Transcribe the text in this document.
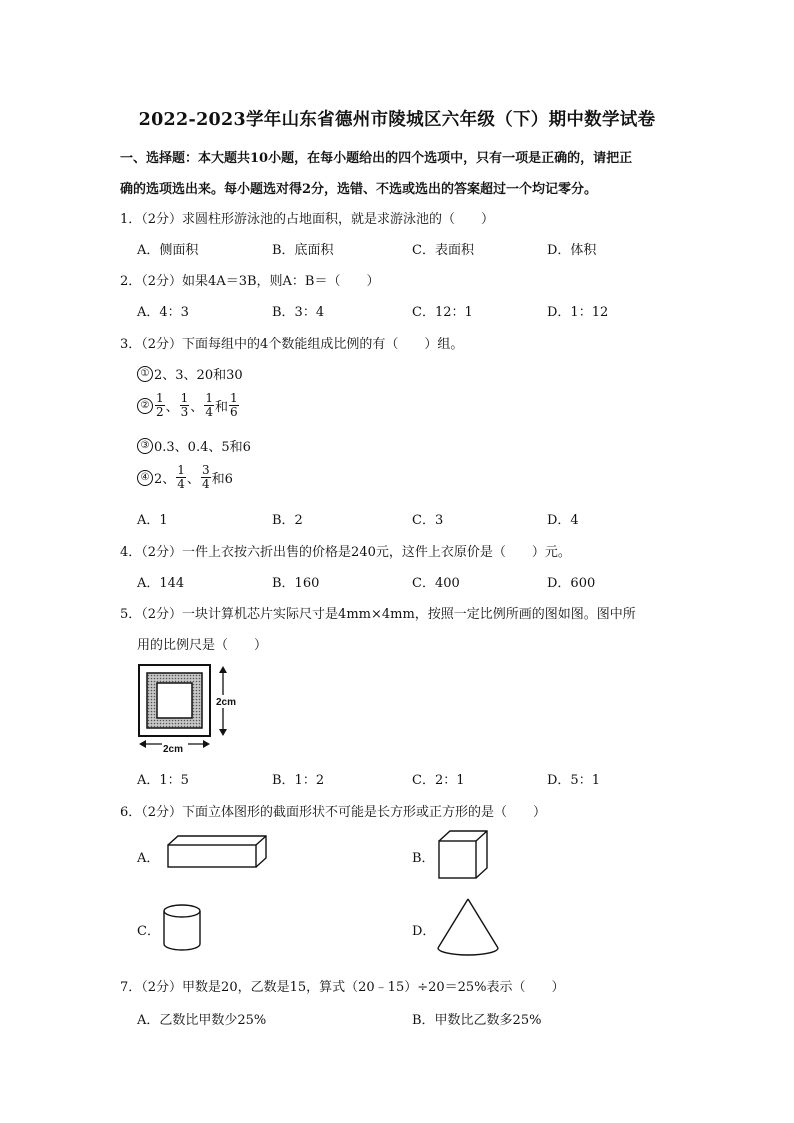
2022-2023学年山东省德州市陵城区六年级（下）期中数学试卷
一、选择题：本大题共10小题，在每小题给出的四个选项中，只有一项是正确的，请把正
确的选项选出来。每小题选对得2分，选错、不选或选出的答案超过一个均记零分。
1．（2分）求圆柱形游泳池的占地面积，就是求游泳池的（　　）
A．侧面积	B．底面积	C．表面积	D．体积
2．（2分）如果4A＝3B，则A：B＝（　　）
A．4：3	B．3：4	C．12：1	D．1：12
3．（2分）下面每组中的4个数能组成比例的有（　　）组。
① 2、3、20和30
② $\frac{1}{2}$ 、 $\frac{1}{3}$ 、 $\frac{1}{4}$ 和 $\frac{1}{6}$
③ 0.3、0.4、5和6
④ 2、 $\frac{1}{4}$ 、 $\frac{3}{4}$ 和6
A．1	B．2	C．3	D．4
4．（2分）一件上衣按六折出售的价格是240元，这件上衣原价是（　　）元。
A．144	B．160	C．400	D．600
5．（2分）一块计算机芯片实际尺寸是4mm×4mm，按照一定比例所画的图如图。图中所
用的比例尺是（　　）
2cm
2cm
A．1：5	B．1：2	C．2：1	D．5：1
6．（2分）下面立体图形的截面形状不可能是长方形或正方形的是（　　）
A．	B．
C．	D．
7．（2分）甲数是20，乙数是15，算式（20﹣15）÷20＝25%表示（　　）
A．乙数比甲数少25%	B．甲数比乙数多25%
